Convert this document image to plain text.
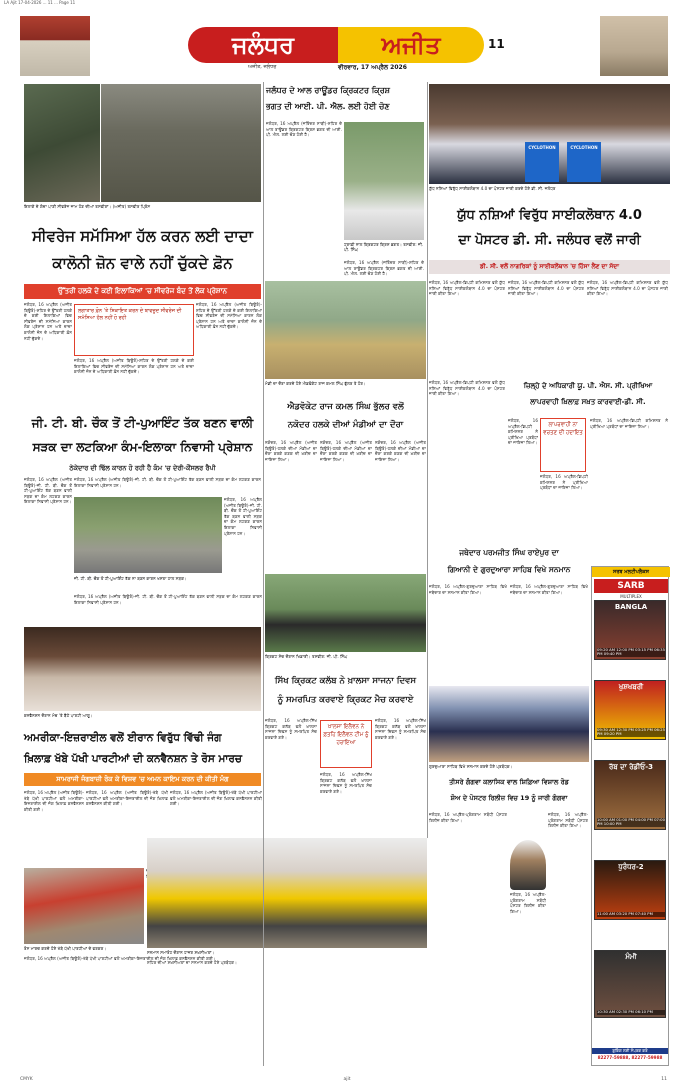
LA Ajit 17-04-2026 ... 11 ... Page 11
ਜਲੰਧਰ	ਅਜੀਤ
ਅਜੀਤ, ਜਲੰਧਰ	ਵੀਰਵਾਰ, 17 ਅਪ੍ਰੈਲ 2026
11
ਇਲਾਕੇ ਦੇ ਗੰਦਾ ਪਾਣੀ ਸੀਵਰੇਜ ਜਾਮ ਹੋਣ ਦੀਆਂ ਤਸਵੀਰਾਂ। (ਅਜੀਤ) ਤਸਵੀਰ ਪ੍ਰਿੰਸ
ਸੀਵਰੇਜ ਸਮੱਸਿਆ ਹੱਲ ਕਰਨ ਲਈ ਦਾਦਾ
ਕਾਲੋਨੀ ਜ਼ੋਨ ਵਾਲੇ ਨਹੀਂ ਚੁੱਕਦੇ ਫ਼ੋਨ
ਉੱਤਰੀ ਹਲਕੇ ਦੇ ਕਈ ਇਲਾਕਿਆਂ 'ਚ ਸੀਵਰੇਜ ਬੰਦ ਤੋਂ ਲੋਕ ਪ੍ਰੇਸ਼ਾਨ
ਜਲੰਧਰ, 16 ਅਪ੍ਰੈਲ (ਅਜੀਤ ਬਿਊਰੋ)-ਸ਼ਹਿਰ ਦੇ ਉੱਤਰੀ ਹਲਕੇ ਦੇ ਕਈ ਇਲਾਕਿਆਂ ਵਿਚ ਸੀਵਰੇਜ ਦੀ ਸਮੱਸਿਆ ਕਾਰਨ ਲੋਕ ਪ੍ਰੇਸ਼ਾਨ ਹਨ ਅਤੇ ਦਾਦਾ ਕਾਲੋਨੀ ਜ਼ੋਨ ਦੇ ਅਧਿਕਾਰੀ ਫ਼ੋਨ ਨਹੀਂ ਚੁੱਕਦੇ।
ਲਗਾਤਾਰ ਫ਼ੋਨ 'ਤੇ ਸ਼ਿਕਾਇਤ ਕਰਨ ਦੇ ਬਾਵਜੂਦ ਸੀਵਰੇਜ ਦੀ ਸਮੱਸਿਆ ਹੱਲ ਨਹੀਂ ਹੋ ਰਹੀ
ਜਲੰਧਰ, 16 ਅਪ੍ਰੈਲ (ਅਜੀਤ ਬਿਊਰੋ)-ਸ਼ਹਿਰ ਦੇ ਉੱਤਰੀ ਹਲਕੇ ਦੇ ਕਈ ਇਲਾਕਿਆਂ ਵਿਚ ਸੀਵਰੇਜ ਦੀ ਸਮੱਸਿਆ ਕਾਰਨ ਲੋਕ ਪ੍ਰੇਸ਼ਾਨ ਹਨ ਅਤੇ ਦਾਦਾ ਕਾਲੋਨੀ ਜ਼ੋਨ ਦੇ ਅਧਿਕਾਰੀ ਫ਼ੋਨ ਨਹੀਂ ਚੁੱਕਦੇ।
ਜਲੰਧਰ, 16 ਅਪ੍ਰੈਲ (ਅਜੀਤ ਬਿਊਰੋ)-ਸ਼ਹਿਰ ਦੇ ਉੱਤਰੀ ਹਲਕੇ ਦੇ ਕਈ ਇਲਾਕਿਆਂ ਵਿਚ ਸੀਵਰੇਜ ਦੀ ਸਮੱਸਿਆ ਕਾਰਨ ਲੋਕ ਪ੍ਰੇਸ਼ਾਨ ਹਨ ਅਤੇ ਦਾਦਾ ਕਾਲੋਨੀ ਜ਼ੋਨ ਦੇ ਅਧਿਕਾਰੀ ਫ਼ੋਨ ਨਹੀਂ ਚੁੱਕਦੇ।
ਜੀ. ਟੀ. ਬੀ. ਚੌਕ ਤੋਂ ਟੀ-ਪੁਆਇੰਟ ਤੱਕ ਬਣਨ ਵਾਲੀ
ਸੜਕ ਦਾ ਲਟਕਿਆ ਕੰਮ-ਇਲਾਕਾ ਨਿਵਾਸੀ ਪ੍ਰੇਸ਼ਾਨ
ਠੇਕੇਦਾਰ ਦੀ ਢਿੱਲ ਕਾਰਨ ਹੋ ਰਹੀ ਹੈ ਕੰਮ 'ਚ ਦੇਰੀ-ਕੌਂਸਲਰ ਰੈਪੀ
ਜਲੰਧਰ, 16 ਅਪ੍ਰੈਲ (ਅਜੀਤ ਬਿਊਰੋ)-ਜੀ. ਟੀ. ਬੀ. ਚੌਕ ਤੋਂ ਟੀ-ਪੁਆਇੰਟ ਤੱਕ ਬਣਨ ਵਾਲੀ ਸੜਕ ਦਾ ਕੰਮ ਲਟਕਣ ਕਾਰਨ ਇਲਾਕਾ ਨਿਵਾਸੀ ਪ੍ਰੇਸ਼ਾਨ ਹਨ।
ਜਲੰਧਰ, 16 ਅਪ੍ਰੈਲ (ਅਜੀਤ ਬਿਊਰੋ)-ਜੀ. ਟੀ. ਬੀ. ਚੌਕ ਤੋਂ ਟੀ-ਪੁਆਇੰਟ ਤੱਕ ਬਣਨ ਵਾਲੀ ਸੜਕ ਦਾ ਕੰਮ ਲਟਕਣ ਕਾਰਨ ਇਲਾਕਾ ਨਿਵਾਸੀ ਪ੍ਰੇਸ਼ਾਨ ਹਨ।
ਜਲੰਧਰ, 16 ਅਪ੍ਰੈਲ (ਅਜੀਤ ਬਿਊਰੋ)-ਜੀ. ਟੀ. ਬੀ. ਚੌਕ ਤੋਂ ਟੀ-ਪੁਆਇੰਟ ਤੱਕ ਬਣਨ ਵਾਲੀ ਸੜਕ ਦਾ ਕੰਮ ਲਟਕਣ ਕਾਰਨ ਇਲਾਕਾ ਨਿਵਾਸੀ ਪ੍ਰੇਸ਼ਾਨ ਹਨ।
ਜੀ. ਟੀ. ਬੀ. ਚੌਕ ਤੋਂ ਟੀ-ਪੁਆਇੰਟ ਤੱਕ ਨਾ ਬਣਨ ਕਾਰਨ ਖਸਤਾ ਹਾਲ ਸੜਕ।
ਜਲੰਧਰ, 16 ਅਪ੍ਰੈਲ (ਅਜੀਤ ਬਿਊਰੋ)-ਜੀ. ਟੀ. ਬੀ. ਚੌਕ ਤੋਂ ਟੀ-ਪੁਆਇੰਟ ਤੱਕ ਬਣਨ ਵਾਲੀ ਸੜਕ ਦਾ ਕੰਮ ਲਟਕਣ ਕਾਰਨ ਇਲਾਕਾ ਨਿਵਾਸੀ ਪ੍ਰੇਸ਼ਾਨ ਹਨ।
ਕਨਵੈਨਸ਼ਨ ਦੌਰਾਨ ਮੰਚ 'ਤੇ ਬੈਠੇ ਪਾਰਟੀ ਆਗੂ।
ਅਮਰੀਕਾ-ਇਜ਼ਰਾਈਲ ਵਲੋਂ ਈਰਾਨ ਵਿਰੁੱਧ ਵਿੱਢੀ ਜੰਗ
ਖ਼ਿਲਾਫ਼ ਖੱਬੇ ਪੱਖੀ ਪਾਰਟੀਆਂ ਦੀ ਕਨਵੈਨਸ਼ਨ ਤੇ ਰੋਸ ਮਾਰਚ
ਸਾਮਰਾਜੀ ਜੰਗਬਾਜ਼ੀ ਰੋਕ ਕੇ ਵਿਸ਼ਵ 'ਚ ਅਮਨ ਕਾਇਮ ਕਰਨ ਦੀ ਕੀਤੀ ਮੰਗ
ਜਲੰਧਰ, 16 ਅਪ੍ਰੈਲ (ਅਜੀਤ ਬਿਊਰੋ)-ਖੱਬੇ ਪੱਖੀ ਪਾਰਟੀਆਂ ਵਲੋਂ ਅਮਰੀਕਾ-ਇਜ਼ਰਾਈਲ ਦੀ ਜੰਗ ਖ਼ਿਲਾਫ਼ ਕਨਵੈਨਸ਼ਨ ਕੀਤੀ ਗਈ।
ਜਲੰਧਰ, 16 ਅਪ੍ਰੈਲ (ਅਜੀਤ ਬਿਊਰੋ)-ਖੱਬੇ ਪੱਖੀ ਪਾਰਟੀਆਂ ਵਲੋਂ ਅਮਰੀਕਾ-ਇਜ਼ਰਾਈਲ ਦੀ ਜੰਗ ਖ਼ਿਲਾਫ਼ ਕਨਵੈਨਸ਼ਨ ਕੀਤੀ ਗਈ।
ਜਲੰਧਰ, 16 ਅਪ੍ਰੈਲ (ਅਜੀਤ ਬਿਊਰੋ)-ਖੱਬੇ ਪੱਖੀ ਪਾਰਟੀਆਂ ਵਲੋਂ ਅਮਰੀਕਾ-ਇਜ਼ਰਾਈਲ ਦੀ ਜੰਗ ਖ਼ਿਲਾਫ਼ ਕਨਵੈਨਸ਼ਨ ਕੀਤੀ ਗਈ।
ਰੋਸ ਮਾਰਚ ਕਰਦੇ ਹੋਏ ਖੱਬੇ ਪੱਖੀ ਪਾਰਟੀਆਂ ਦੇ ਵਰਕਰ।
ਜਲੰਧਰ, 16 ਅਪ੍ਰੈਲ (ਅਜੀਤ ਬਿਊਰੋ)-ਖੱਬੇ ਪੱਖੀ ਪਾਰਟੀਆਂ ਵਲੋਂ ਅਮਰੀਕਾ-ਇਜ਼ਰਾਈਲ ਦੀ ਜੰਗ ਖ਼ਿਲਾਫ਼ ਕਨਵੈਨਸ਼ਨ ਕੀਤੀ ਗਈ।
ਜਲੰਧਰ ਦੇ ਆਲ ਰਾਊਂਡਰ ਕ੍ਰਿਕਟਰ ਕ੍ਰਿਸ਼
ਭਗਤ ਦੀ ਆਈ. ਪੀ. ਐਲ. ਲਈ ਹੋਈ ਚੋਣ
ਜਲੰਧਰ, 16 ਅਪ੍ਰੈਲ (ਜਤਿੰਦਰ ਸਾਬੀ)-ਸ਼ਹਿਰ ਦੇ ਆਲ ਰਾਊਂਡਰ ਕ੍ਰਿਕਟਰ ਕ੍ਰਿਸ਼ ਭਗਤ ਦੀ ਆਈ. ਪੀ. ਐਲ. ਲਈ ਚੋਣ ਹੋਈ ਹੈ।
ਟ੍ਰਾਫ਼ੀ ਨਾਲ ਕ੍ਰਿਕਟਰ ਕ੍ਰਿਸ਼ ਭਗਤ। ਤਸਵੀਰ: ਜੀ. ਪੀ. ਸਿੰਘ
ਜਲੰਧਰ, 16 ਅਪ੍ਰੈਲ (ਜਤਿੰਦਰ ਸਾਬੀ)-ਸ਼ਹਿਰ ਦੇ ਆਲ ਰਾਊਂਡਰ ਕ੍ਰਿਕਟਰ ਕ੍ਰਿਸ਼ ਭਗਤ ਦੀ ਆਈ. ਪੀ. ਐਲ. ਲਈ ਚੋਣ ਹੋਈ ਹੈ।
ਮੰਡੀ ਦਾ ਦੌਰਾ ਕਰਦੇ ਹੋਏ ਐਡਵੋਕੇਟ ਰਾਜ ਕਮਲ ਸਿੰਘ ਭੁੱਲਰ ਤੇ ਹੋਰ।
ਐਡਵੋਕੇਟ ਰਾਜ ਕਮਲ ਸਿੰਘ ਭੁੱਲਰ ਵਲੋਂ
ਨਕੋਦਰ ਹਲਕੇ ਦੀਆਂ ਮੰਡੀਆਂ ਦਾ ਦੌਰਾ
ਨਕੋਦਰ, 16 ਅਪ੍ਰੈਲ (ਅਜੀਤ ਬਿਊਰੋ)-ਹਲਕੇ ਦੀਆਂ ਮੰਡੀਆਂ ਦਾ ਦੌਰਾ ਕਰਕੇ ਕਣਕ ਦੀ ਖ਼ਰੀਦ ਦਾ ਜਾਇਜ਼ਾ ਲਿਆ।
ਨਕੋਦਰ, 16 ਅਪ੍ਰੈਲ (ਅਜੀਤ ਬਿਊਰੋ)-ਹਲਕੇ ਦੀਆਂ ਮੰਡੀਆਂ ਦਾ ਦੌਰਾ ਕਰਕੇ ਕਣਕ ਦੀ ਖ਼ਰੀਦ ਦਾ ਜਾਇਜ਼ਾ ਲਿਆ।
ਨਕੋਦਰ, 16 ਅਪ੍ਰੈਲ (ਅਜੀਤ ਬਿਊਰੋ)-ਹਲਕੇ ਦੀਆਂ ਮੰਡੀਆਂ ਦਾ ਦੌਰਾ ਕਰਕੇ ਕਣਕ ਦੀ ਖ਼ਰੀਦ ਦਾ ਜਾਇਜ਼ਾ ਲਿਆ।
ਕ੍ਰਿਕਟ ਮੈਚ ਦੌਰਾਨ ਖਿਡਾਰੀ। ਤਸਵੀਰ: ਜੀ. ਪੀ. ਸਿੰਘ
ਸਿੱਖ ਕ੍ਰਿਕਟ ਕਲੱਬ ਨੇ ਖ਼ਾਲਸਾ ਸਾਜਨਾ ਦਿਵਸ
ਨੂੰ ਸਮਰਪਿਤ ਕਰਵਾਏ ਕ੍ਰਿਕਟ ਮੈਚ ਕਰਵਾਏ
ਜਲੰਧਰ, 16 ਅਪ੍ਰੈਲ-ਸਿੱਖ ਕ੍ਰਿਕਟ ਕਲੱਬ ਵਲੋਂ ਖ਼ਾਲਸਾ ਸਾਜਨਾ ਦਿਵਸ ਨੂੰ ਸਮਰਪਿਤ ਮੈਚ ਕਰਵਾਏ ਗਏ।
ਖ਼ਾਲਸਾ ਇਲੈਵਨ ਨੇ ਫ਼ਤਹਿ ਇਲੈਵਨ ਟੀਮ ਨੂੰ ਹਰਾਇਆ
ਜਲੰਧਰ, 16 ਅਪ੍ਰੈਲ-ਸਿੱਖ ਕ੍ਰਿਕਟ ਕਲੱਬ ਵਲੋਂ ਖ਼ਾਲਸਾ ਸਾਜਨਾ ਦਿਵਸ ਨੂੰ ਸਮਰਪਿਤ ਮੈਚ ਕਰਵਾਏ ਗਏ।
ਜਲੰਧਰ, 16 ਅਪ੍ਰੈਲ-ਸਿੱਖ ਕ੍ਰਿਕਟ ਕਲੱਬ ਵਲੋਂ ਖ਼ਾਲਸਾ ਸਾਜਨਾ ਦਿਵਸ ਨੂੰ ਸਮਰਪਿਤ ਮੈਚ ਕਰਵਾਏ ਗਏ।
ਸਨਮਾਨ ਸਮਾਰੋਹ ਦੌਰਾਨ ਹਾਜ਼ਰ ਸ਼ਖ਼ਸੀਅਤਾਂ।
ਸ਼ਹਿਰ ਦੀਆਂ ਸ਼ਖ਼ਸੀਅਤਾਂ ਦਾ ਸਨਮਾਨ ਕਰਦੇ ਹੋਏ ਪ੍ਰਬੰਧਕ।
CYCLOTHON	CYCLOTHON
ਯੁੱਧ ਨਸ਼ਿਆਂ ਵਿਰੁੱਧ ਸਾਈਕਲੋਥਾਨ 4.0 ਦਾ ਪੋਸਟਰ ਜਾਰੀ ਕਰਦੇ ਹੋਏ ਡੀ. ਸੀ. ਜਲੰਧਰ
ਯੁੱਧ ਨਸ਼ਿਆਂ ਵਿਰੁੱਧ ਸਾਈਕਲੋਥਾਨ 4.0
ਦਾ ਪੋਸਟਰ ਡੀ. ਸੀ. ਜਲੰਧਰ ਵਲੋਂ ਜਾਰੀ
ਡੀ. ਸੀ. ਵਲੋਂ ਨਾਗਰਿਕਾਂ ਨੂੰ ਸਾਈਕਲੋਥਾਨ 'ਚ ਹਿੱਸਾ ਲੈਣ ਦਾ ਸੱਦਾ
ਜਲੰਧਰ, 16 ਅਪ੍ਰੈਲ-ਡਿਪਟੀ ਕਮਿਸ਼ਨਰ ਵਲੋਂ ਯੁੱਧ ਨਸ਼ਿਆਂ ਵਿਰੁੱਧ ਸਾਈਕਲੋਥਾਨ 4.0 ਦਾ ਪੋਸਟਰ ਜਾਰੀ ਕੀਤਾ ਗਿਆ।
ਜਲੰਧਰ, 16 ਅਪ੍ਰੈਲ-ਡਿਪਟੀ ਕਮਿਸ਼ਨਰ ਵਲੋਂ ਯੁੱਧ ਨਸ਼ਿਆਂ ਵਿਰੁੱਧ ਸਾਈਕਲੋਥਾਨ 4.0 ਦਾ ਪੋਸਟਰ ਜਾਰੀ ਕੀਤਾ ਗਿਆ।
ਜਲੰਧਰ, 16 ਅਪ੍ਰੈਲ-ਡਿਪਟੀ ਕਮਿਸ਼ਨਰ ਵਲੋਂ ਯੁੱਧ ਨਸ਼ਿਆਂ ਵਿਰੁੱਧ ਸਾਈਕਲੋਥਾਨ 4.0 ਦਾ ਪੋਸਟਰ ਜਾਰੀ ਕੀਤਾ ਗਿਆ।
ਜ਼ਿਲ੍ਹੇ ਦੇ ਅਧਿਕਾਰੀ ਯੂ. ਪੀ. ਐਸ. ਸੀ. ਪ੍ਰੀਖਿਆ
ਲਾਪਰਵਾਹੀ ਖ਼ਿਲਾਫ਼ ਸਖ਼ਤ ਕਾਰਵਾਈ-ਡੀ. ਸੀ.
ਜਲੰਧਰ, 16 ਅਪ੍ਰੈਲ-ਡਿਪਟੀ ਕਮਿਸ਼ਨਰ ਵਲੋਂ ਯੁੱਧ ਨਸ਼ਿਆਂ ਵਿਰੁੱਧ ਸਾਈਕਲੋਥਾਨ 4.0 ਦਾ ਪੋਸਟਰ ਜਾਰੀ ਕੀਤਾ ਗਿਆ।
ਲਾਪਰਵਾਹੀ ਨਾ ਵਰਤਣ ਦੀ ਹਦਾਇਤ
ਜਲੰਧਰ, 16 ਅਪ੍ਰੈਲ-ਡਿਪਟੀ ਕਮਿਸ਼ਨਰ ਨੇ ਪ੍ਰੀਖਿਆ ਪ੍ਰਬੰਧਾਂ ਦਾ ਜਾਇਜ਼ਾ ਲਿਆ।
ਜਲੰਧਰ, 16 ਅਪ੍ਰੈਲ-ਡਿਪਟੀ ਕਮਿਸ਼ਨਰ ਨੇ ਪ੍ਰੀਖਿਆ ਪ੍ਰਬੰਧਾਂ ਦਾ ਜਾਇਜ਼ਾ ਲਿਆ।
ਜਲੰਧਰ, 16 ਅਪ੍ਰੈਲ-ਡਿਪਟੀ ਕਮਿਸ਼ਨਰ ਨੇ ਪ੍ਰੀਖਿਆ ਪ੍ਰਬੰਧਾਂ ਦਾ ਜਾਇਜ਼ਾ ਲਿਆ।
ਜਥੇਦਾਰ ਪਰਮਜੀਤ ਸਿੰਘ ਰਾਏਪੁਰ ਦਾ
ਗਿਆਨੀ ਦੇ ਗੁਰਦੁਆਰਾ ਸਾਹਿਬ ਵਿਖੇ ਸਨਮਾਨ
ਜਲੰਧਰ, 16 ਅਪ੍ਰੈਲ-ਗੁਰਦੁਆਰਾ ਸਾਹਿਬ ਵਿਖੇ ਜਥੇਦਾਰ ਦਾ ਸਨਮਾਨ ਕੀਤਾ ਗਿਆ।
ਜਲੰਧਰ, 16 ਅਪ੍ਰੈਲ-ਗੁਰਦੁਆਰਾ ਸਾਹਿਬ ਵਿਖੇ ਜਥੇਦਾਰ ਦਾ ਸਨਮਾਨ ਕੀਤਾ ਗਿਆ।
ਗੁਰਦੁਆਰਾ ਸਾਹਿਬ ਵਿਖੇ ਸਨਮਾਨ ਕਰਦੇ ਹੋਏ ਪ੍ਰਬੰਧਕ।
ਤੀਸਰੇ ਗੰਗਵਾ ਕਲਾਸਿਕ ਵਾਲ ਸ਼ਿਫ਼ਿਆ ਵਿਸ਼ਾਲ ਰੋਡ
ਸ਼ੋਅ ਦੇ ਪੋਸਟਰ ਰਿਲੀਜ਼ ਵਿਚ 19 ਨੂੰ ਜਾਰੀ ਗੰਗਵਾ
ਜਲੰਧਰ, 16 ਅਪ੍ਰੈਲ-ਪ੍ਰੋਗਰਾਮ ਸਬੰਧੀ ਪੋਸਟਰ ਰਿਲੀਜ਼ ਕੀਤਾ ਗਿਆ।
ਜਲੰਧਰ, 16 ਅਪ੍ਰੈਲ-ਪ੍ਰੋਗਰਾਮ ਸਬੰਧੀ ਪੋਸਟਰ ਰਿਲੀਜ਼ ਕੀਤਾ ਗਿਆ।
ਜਲੰਧਰ, 16 ਅਪ੍ਰੈਲ-ਪ੍ਰੋਗਰਾਮ ਸਬੰਧੀ ਪੋਸਟਰ ਰਿਲੀਜ਼ ਕੀਤਾ ਗਿਆ।
ਸਰਬ ਮਲਟੀਪਲੈਕਸ
SARB
MULTIPLEX
BANGLA
09:20 AM 12:00 PM 03:15 PM 06:35 PM 09:40 PM
ਖੁਸ਼ਖਬਰੀ
09:30 AM 12:30 PM 03:25 PM 06:25 PM 09:20 PM
ਰੱਬ ਦਾ ਰੇਡੀਓ-3
10:00 AM 01:00 PM 04:00 PM 07:00 PM 10:00 PM
ਧੁਰੰਧਰ-2
11:00 AM 03:20 PM 07:40 PM
ਮੰਮੀ
10:30 AM 02:30 PM 06:10 PM
ਬੁਕਿੰਗ ਲਈ ਸੰਪਰਕ ਕਰੋ
82277-59888, 82277-59988
CMYK	ajit	11
